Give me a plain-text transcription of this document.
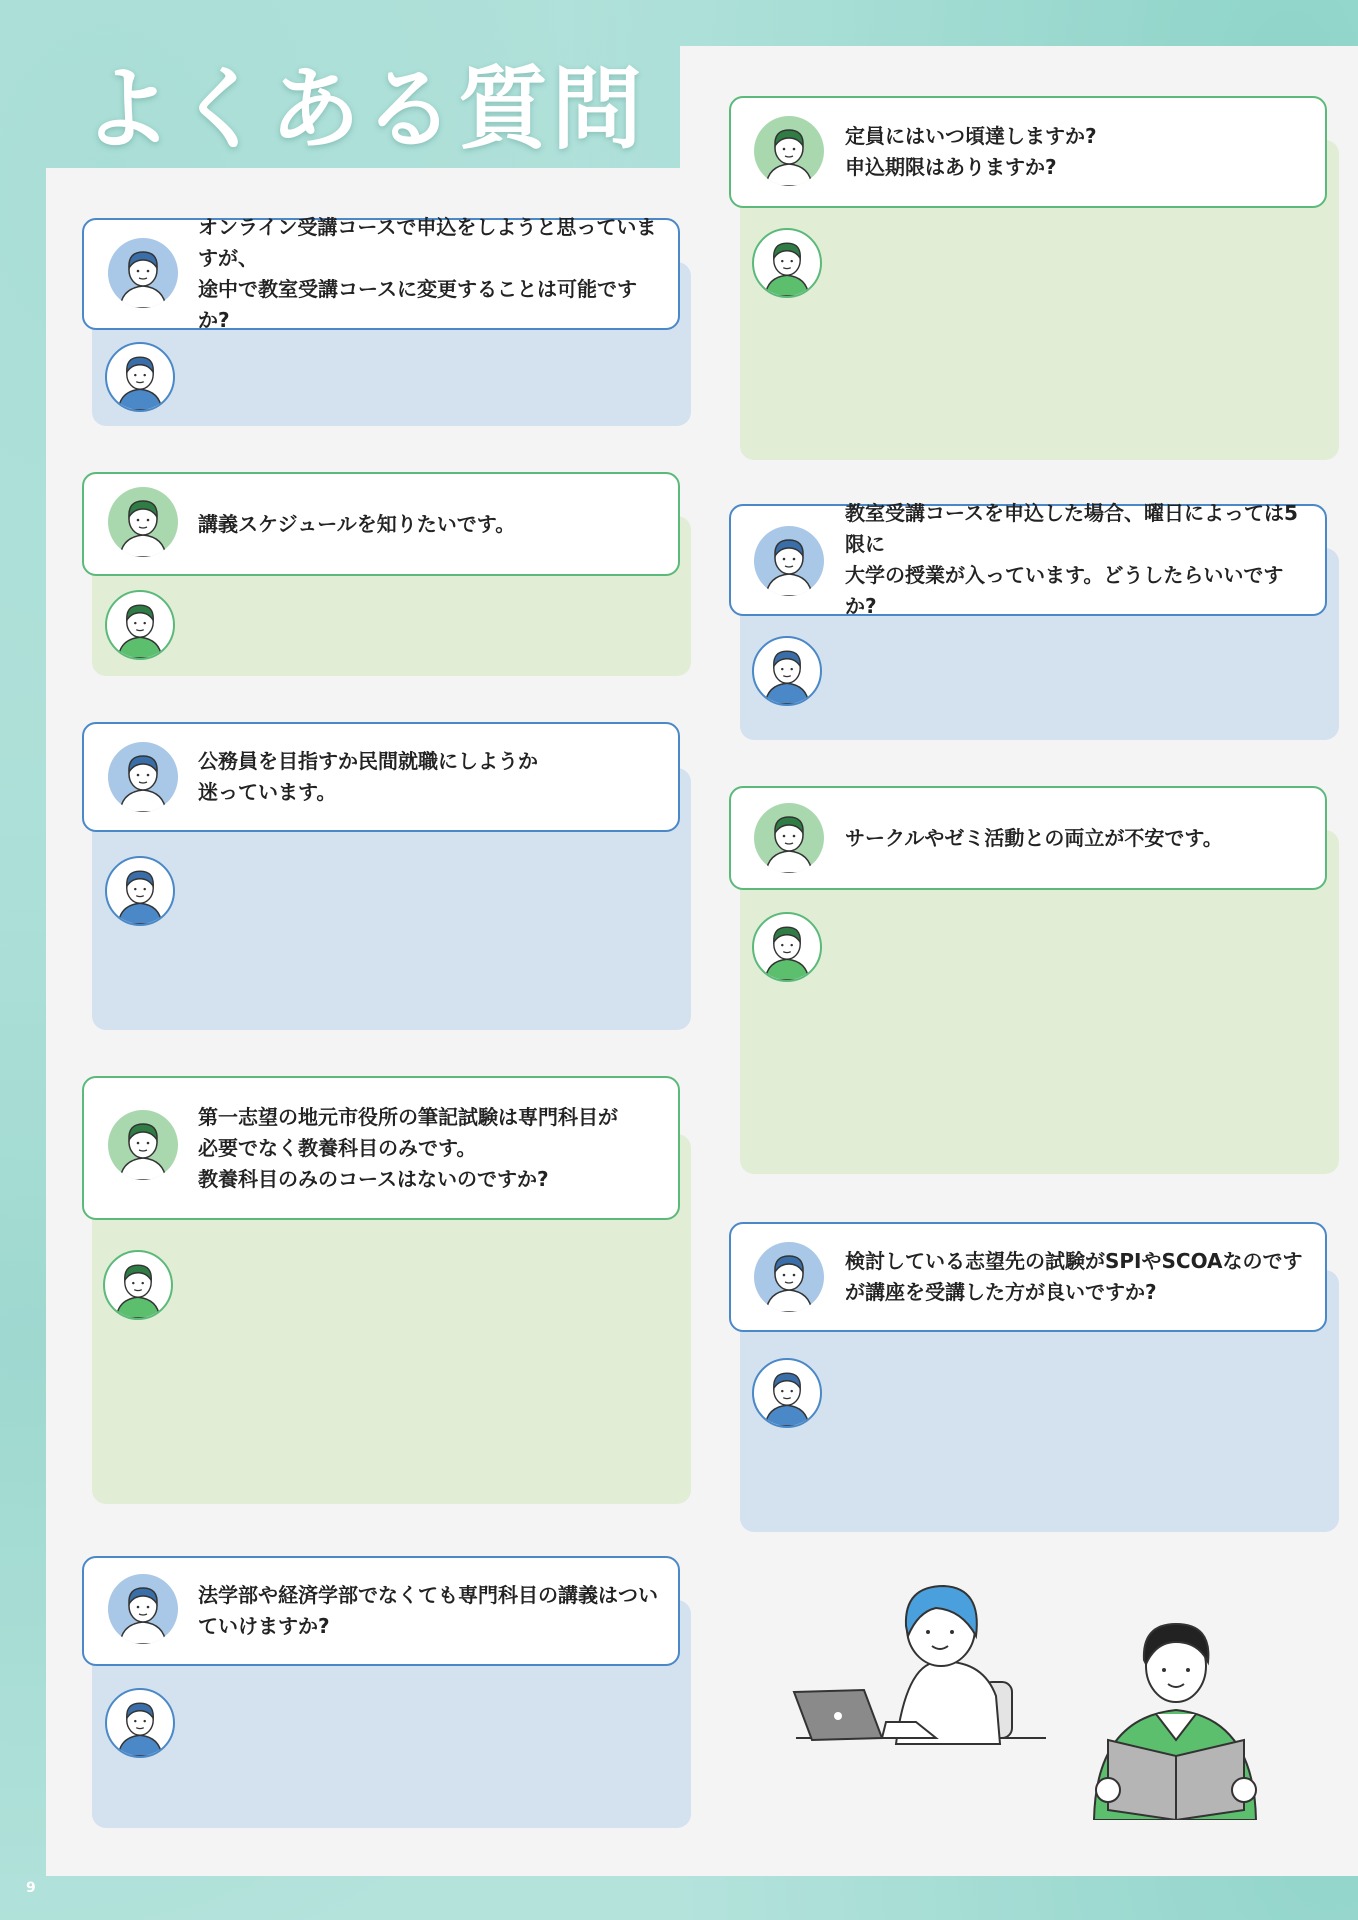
よくある質問
オンライン受講コースで申込をしようと思っていますが、
途中で教室受講コースに変更することは可能ですか?
講義スケジュールを知りたいです。
公務員を目指すか民間就職にしようか
迷っています。
第一志望の地元市役所の筆記試験は専門科目が
必要でなく教養科目のみです。
教養科目のみのコースはないのですか?
法学部や経済学部でなくても専門科目の講義はつい
ていけますか?
定員にはいつ頃達しますか?
申込期限はありますか?
教室受講コースを申込した場合、曜日によっては5限に
大学の授業が入っています。どうしたらいいですか?
サークルやゼミ活動との両立が不安です。
検討している志望先の試験がSPIやSCOAなのです
が講座を受講した方が良いですか?
9
